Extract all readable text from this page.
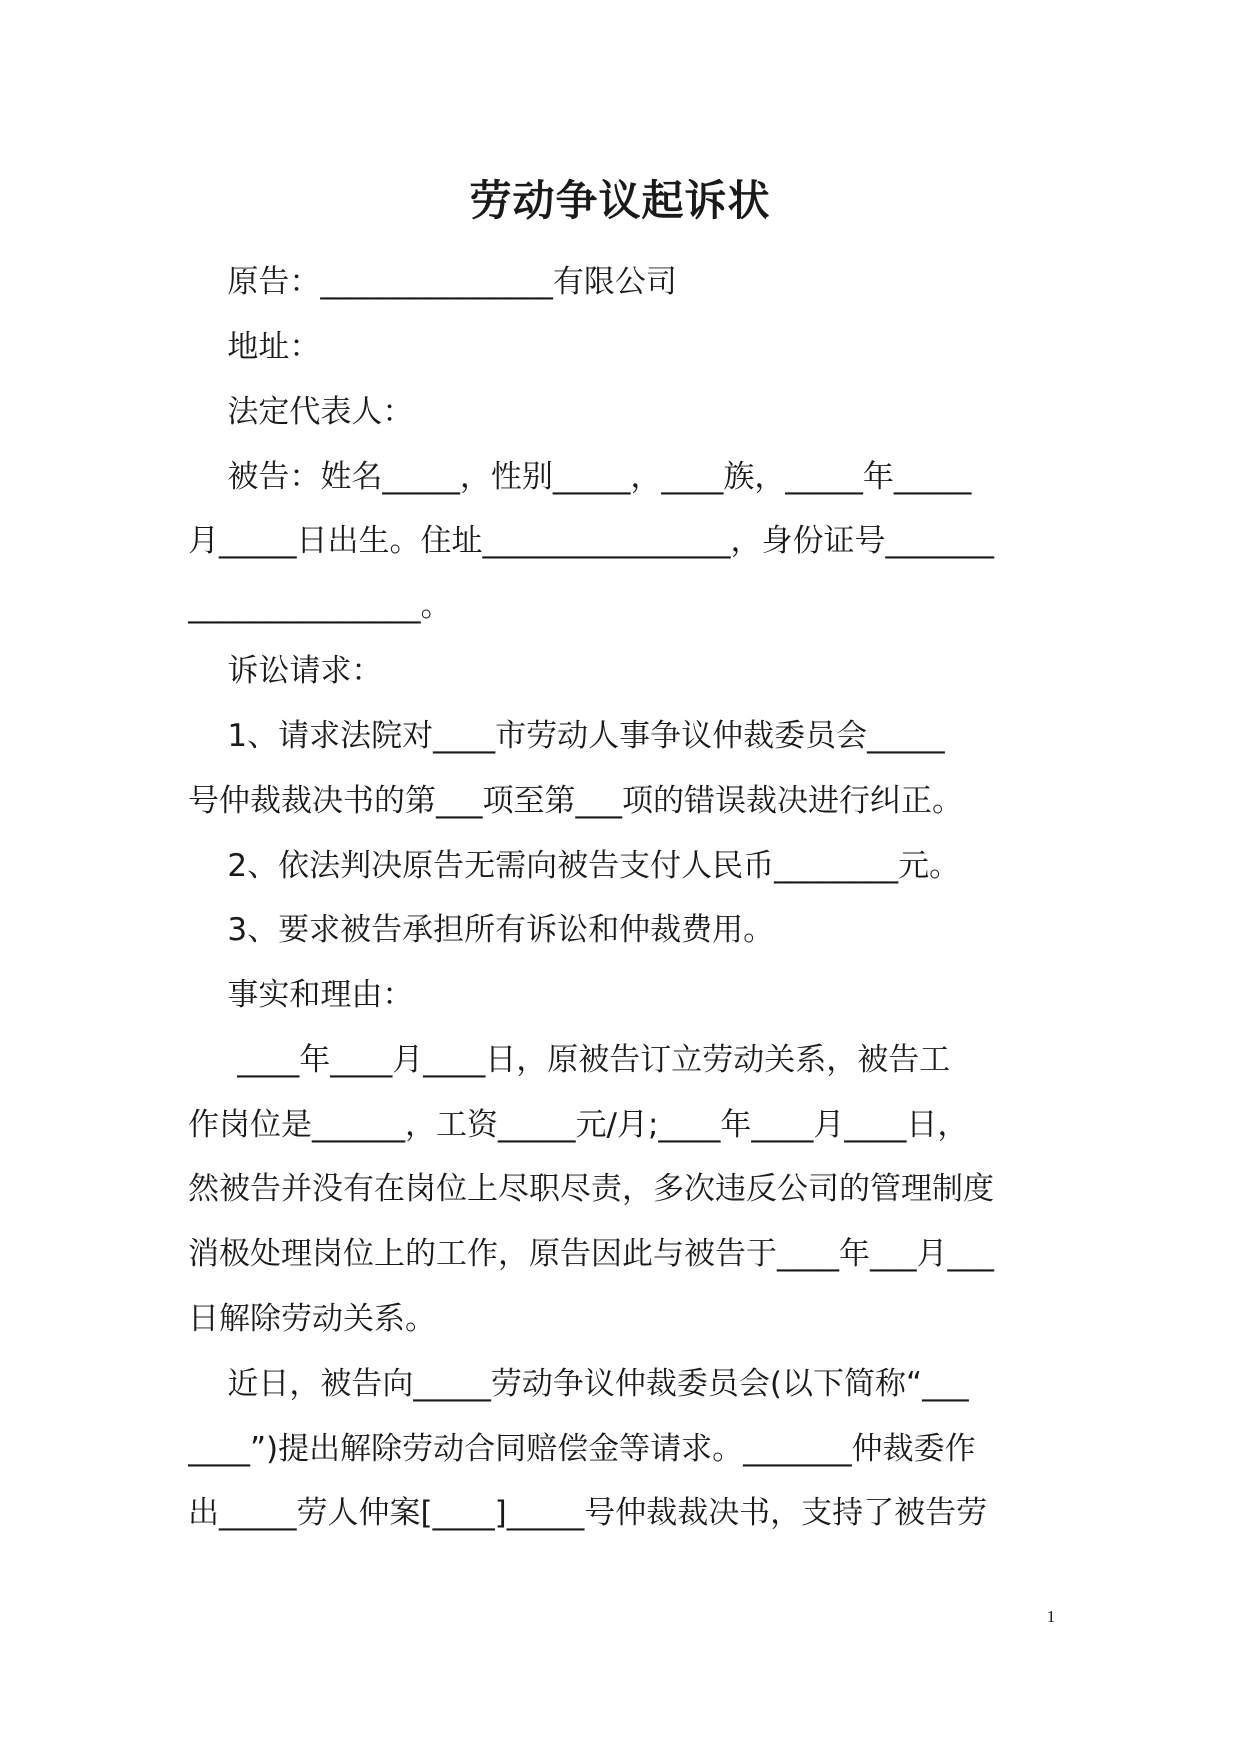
劳动争议起诉状
原告：_______________有限公司
地址：
法定代表人：
被告：姓名_____，性别_____，____族，_____年_____
月_____日出生。住址________________，身份证号_______
_______________。
诉讼请求：
1、请求法院对____市劳动人事争议仲裁委员会_____
号仲裁裁决书的第___项至第___项的错误裁决进行纠正。
2、依法判决原告无需向被告支付人民币________元。
3、要求被告承担所有诉讼和仲裁费用。
事实和理由：
____年____月____日，原被告订立劳动关系，被告工
作岗位是______，工资_____元/月;____年____月____日，
然被告并没有在岗位上尽职尽责，多次违反公司的管理制度
消极处理岗位上的工作，原告因此与被告于____年___月___
日解除劳动关系。
近日，被告向_____劳动争议仲裁委员会(以下简称“___
____”)提出解除劳动合同赔偿金等请求。_______仲裁委作
出_____劳人仲案[____]_____号仲裁裁决书，支持了被告劳
1
